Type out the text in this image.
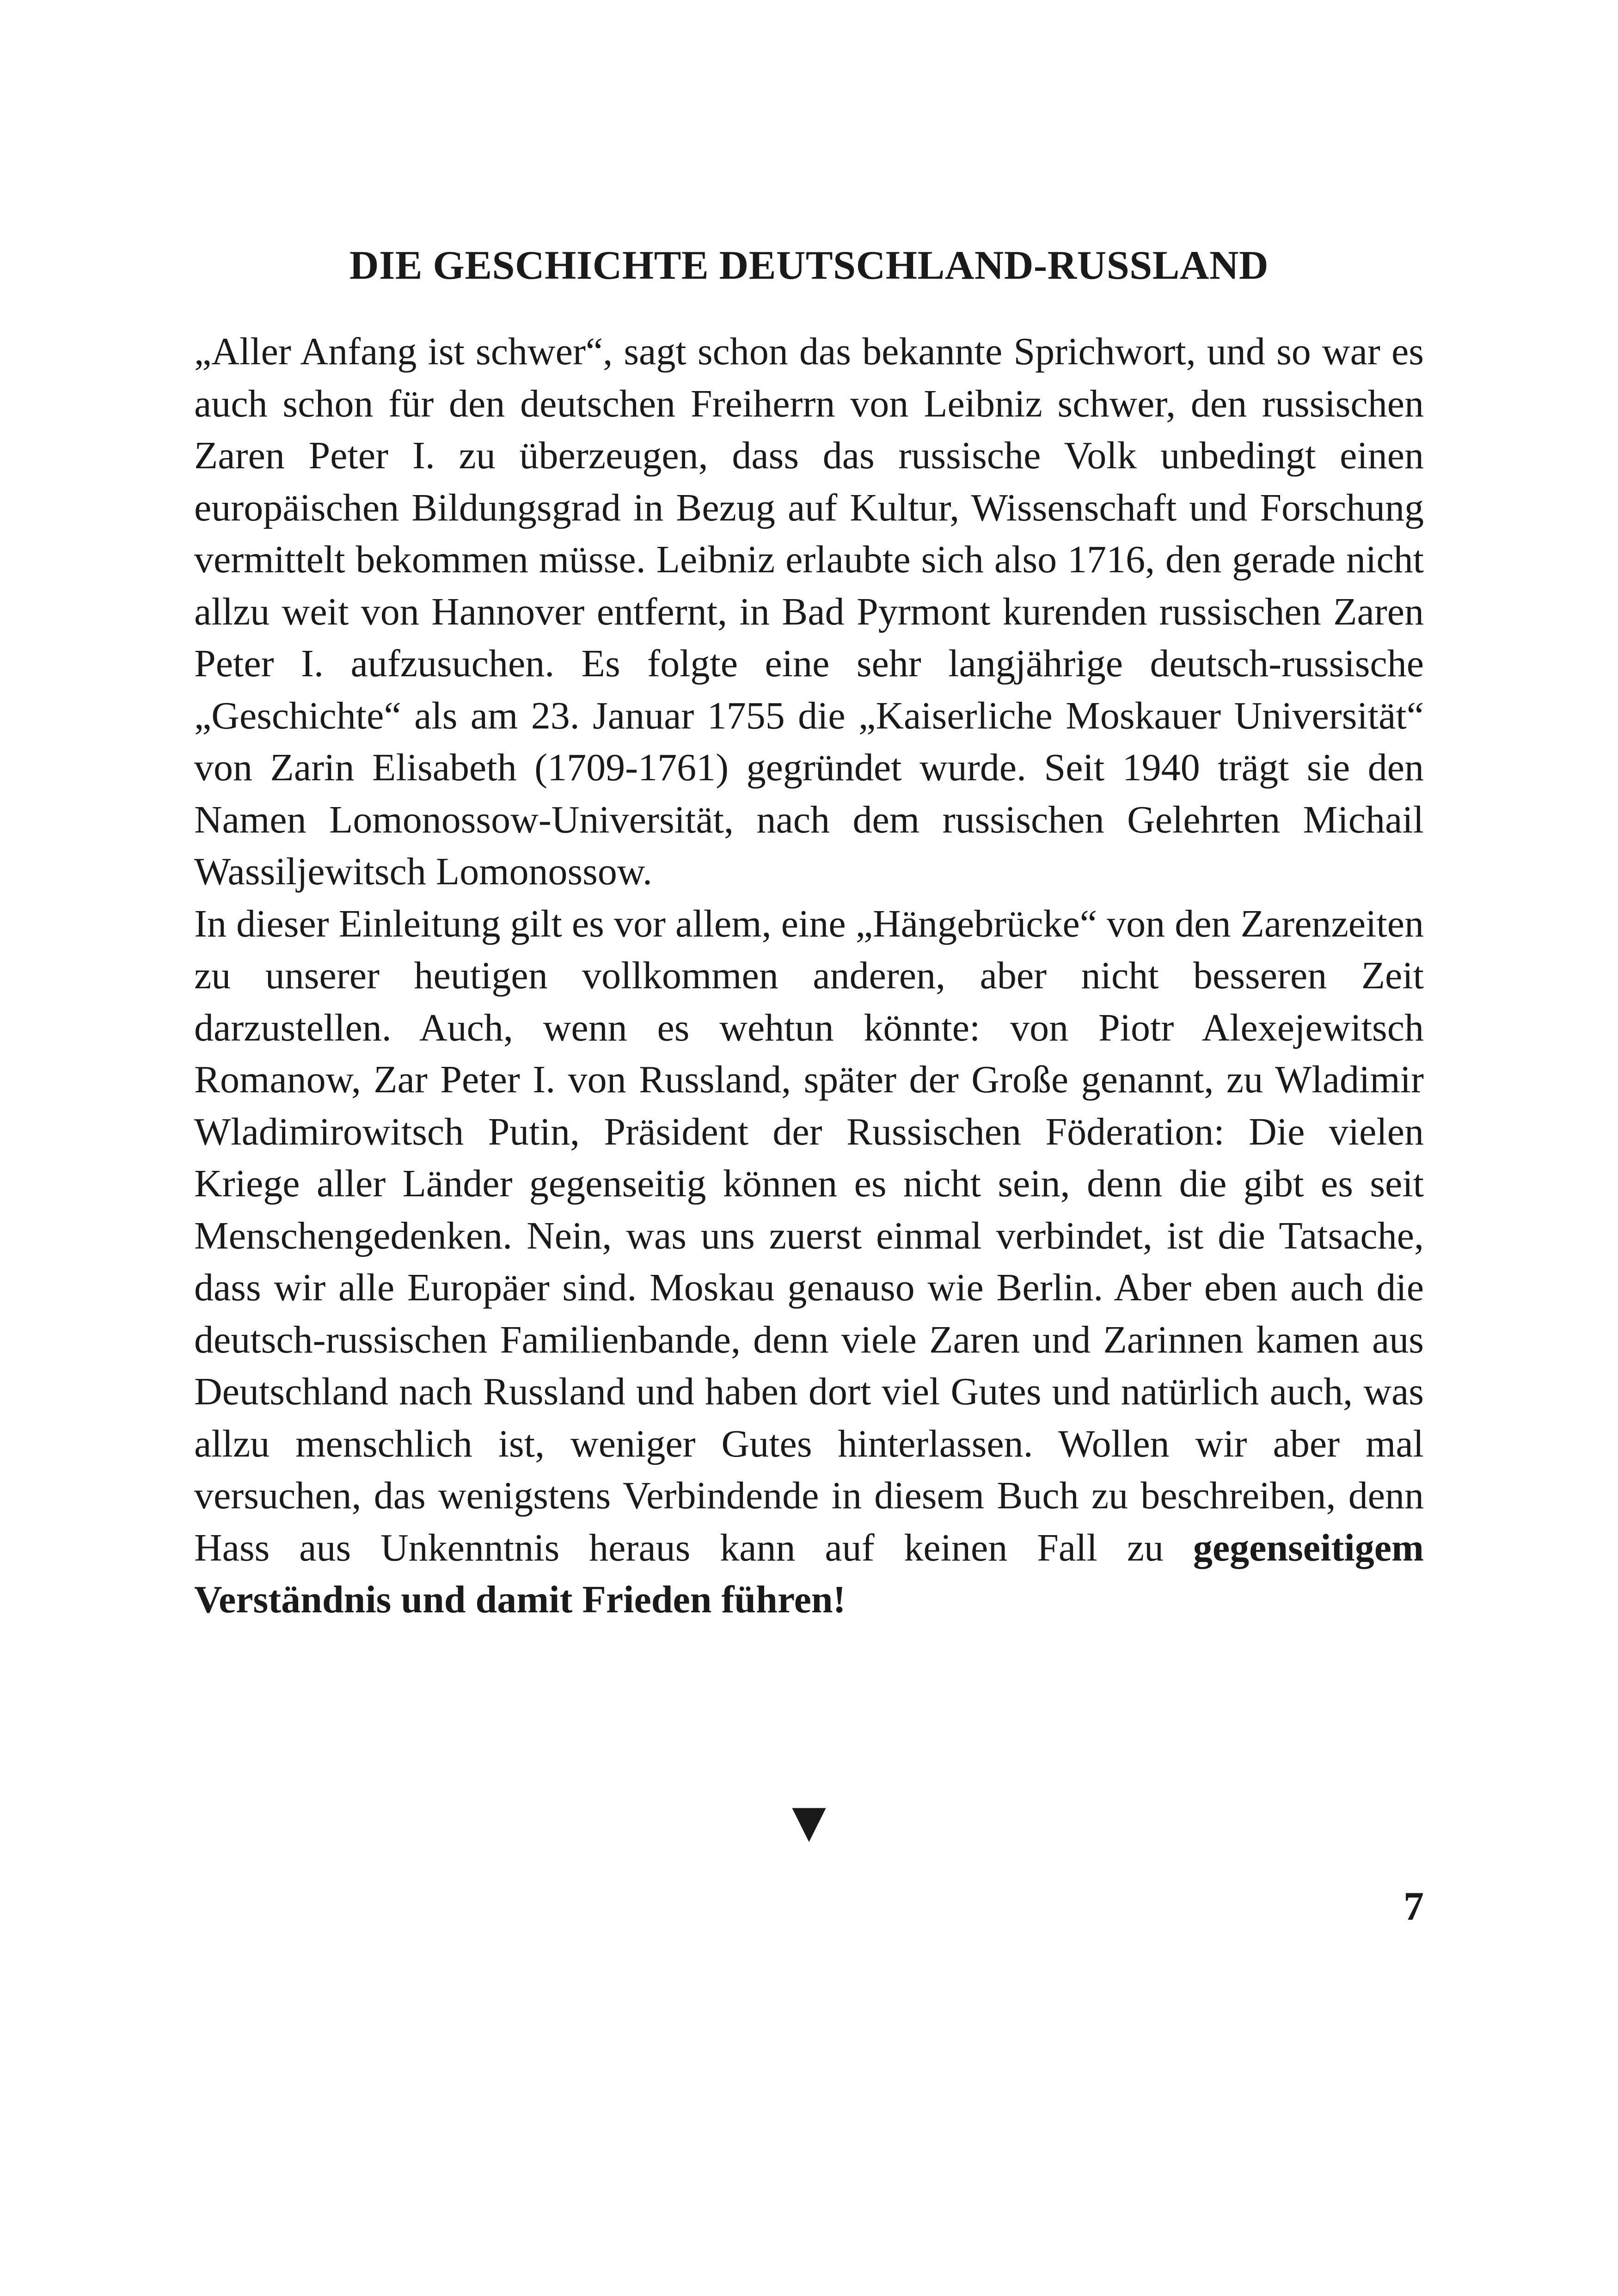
DIE GESCHICHTE DEUTSCHLAND-RUSSLAND

„Aller Anfang ist schwer“, sagt schon das bekannte Sprichwort, und so war es auch schon für den deutschen Freiherrn von Leibniz schwer, den russischen Zaren Peter I. zu überzeugen, dass das russische Volk unbedingt einen europäischen Bildungsgrad in Bezug auf Kultur, Wissenschaft und Forschung vermittelt bekommen müsse. Leibniz erlaubte sich also 1716, den gerade nicht allzu weit von Hannover entfernt, in Bad Pyrmont kurenden russischen Zaren Peter I. aufzusuchen. Es folgte eine sehr langjährige deutsch-russische „Geschichte“ als am 23. Januar 1755 die „Kaiserliche Moskauer Universität“ von Zarin Elisabeth (1709-1761) gegründet wurde. Seit 1940 trägt sie den Namen Lomonossow-Universität, nach dem russischen Gelehrten Michail Wassiljewitsch Lomonossow.

In dieser Einleitung gilt es vor allem, eine „Hängebrücke“ von den Zarenzeiten zu unserer heutigen vollkommen anderen, aber nicht besseren Zeit darzustellen. Auch, wenn es wehtun könnte: von Piotr Alexejewitsch Romanow, Zar Peter I. von Russland, später der Große genannt, zu Wladimir Wladimirowitsch Putin, Präsident der Russischen Föderation: Die vielen Kriege aller Länder gegenseitig können es nicht sein, denn die gibt es seit Menschengedenken. Nein, was uns zuerst einmal verbindet, ist die Tatsache, dass wir alle Europäer sind. Moskau genauso wie Berlin. Aber eben auch die deutsch-russischen Familienbande, denn viele Zaren und Zarinnen kamen aus Deutschland nach Russland und haben dort viel Gutes und natürlich auch, was allzu menschlich ist, weniger Gutes hinterlassen. Wollen wir aber mal versuchen, das wenigstens Verbindende in diesem Buch zu beschreiben, denn Hass aus Unkenntnis heraus kann auf keinen Fall zu gegenseitigem Verständnis und damit Frieden führen!

▼
7
